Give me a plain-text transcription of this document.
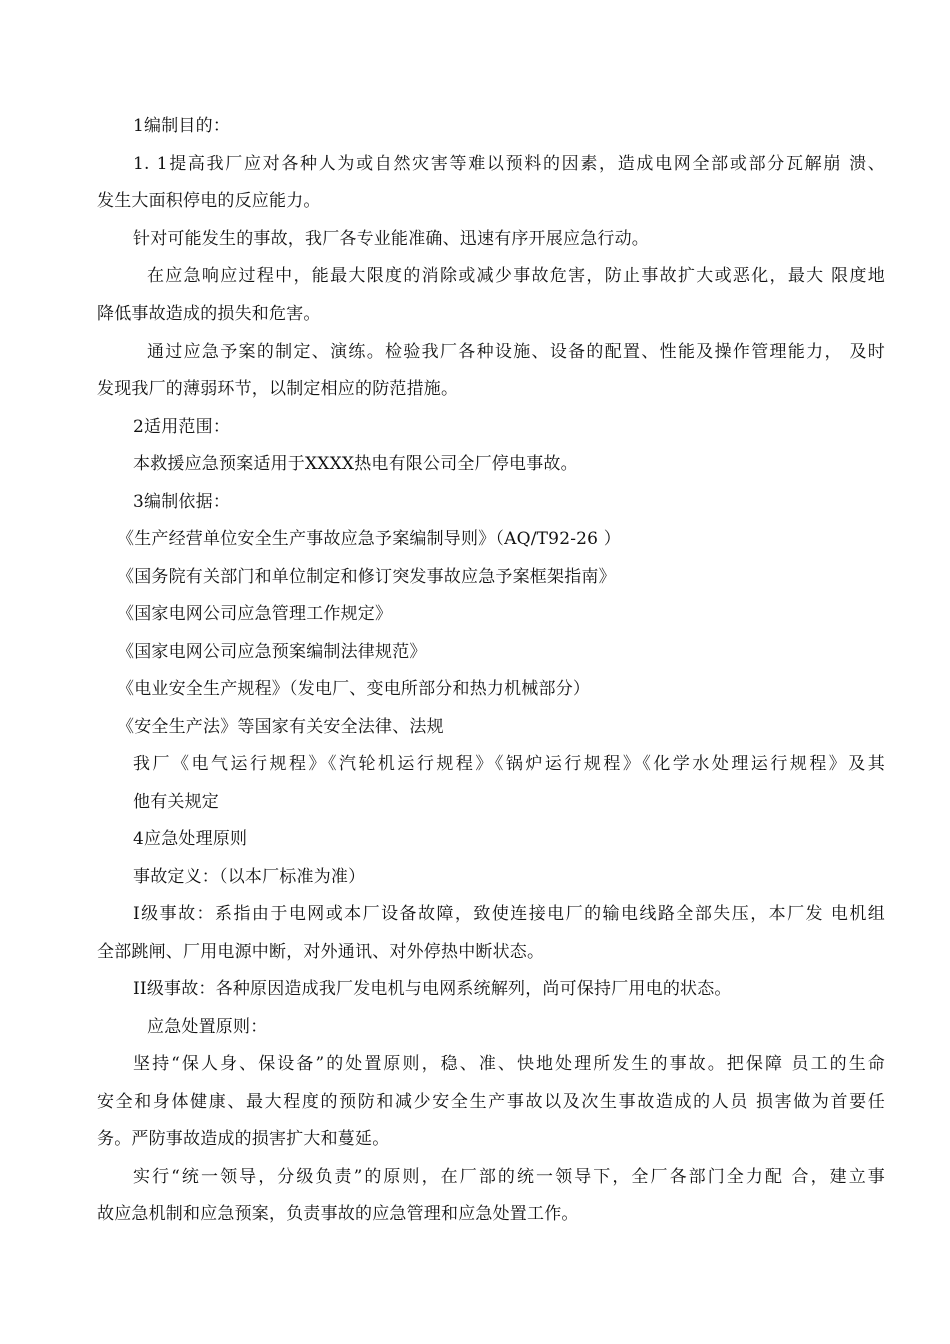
1编制目的：
1. 1提高我厂应对各种人为或自然灾害等难以预料的因素，造成电网全部或部分瓦解崩 溃、
发生大面积停电的反应能力。
针对可能发生的事故，我厂各专业能准确、迅速有序开展应急行动。
在应急响应过程中，能最大限度的消除或减少事故危害，防止事故扩大或恶化，最大 限度地
降低事故造成的损失和危害。
通过应急予案的制定、演练。检验我厂各种设施、设备的配置、性能及操作管理能力， 及时
发现我厂的薄弱环节，以制定相应的防范措施。
2适用范围：
本救援应急预案适用于XXXX热电有限公司全厂停电事故。
3编制依据：
《生产经营单位安全生产事故应急予案编制导则》（AQ/T92-26 ）
《国务院有关部门和单位制定和修订突发事故应急予案框架指南》
《国家电网公司应急管理工作规定》
《国家电网公司应急预案编制法律规范》
《电业安全生产规程》（发电厂、变电所部分和热力机械部分）
《安全生产法》等国家有关安全法律、法规
我厂《电气运行规程》《汽轮机运行规程》《锅炉运行规程》《化学水处理运行规程》及其
他有关规定
4应急处理原则
事故定义：（以本厂标准为准）
I级事故：系指由于电网或本厂设备故障，致使连接电厂的输电线路全部失压，本厂发 电机组
全部跳闸、厂用电源中断，对外通讯、对外停热中断状态。
II级事故：各种原因造成我厂发电机与电网系统解列，尚可保持厂用电的状态。
应急处置原则：
坚持“保人身、保设备”的处置原则，稳、准、快地处理所发生的事故。把保障 员工的生命
安全和身体健康、最大程度的预防和减少安全生产事故以及次生事故造成的人员 损害做为首要任
务。严防事故造成的损害扩大和蔓延。
实行“统一领导，分级负责”的原则，在厂部的统一领导下，全厂各部门全力配 合，建立事
故应急机制和应急预案，负责事故的应急管理和应急处置工作。
